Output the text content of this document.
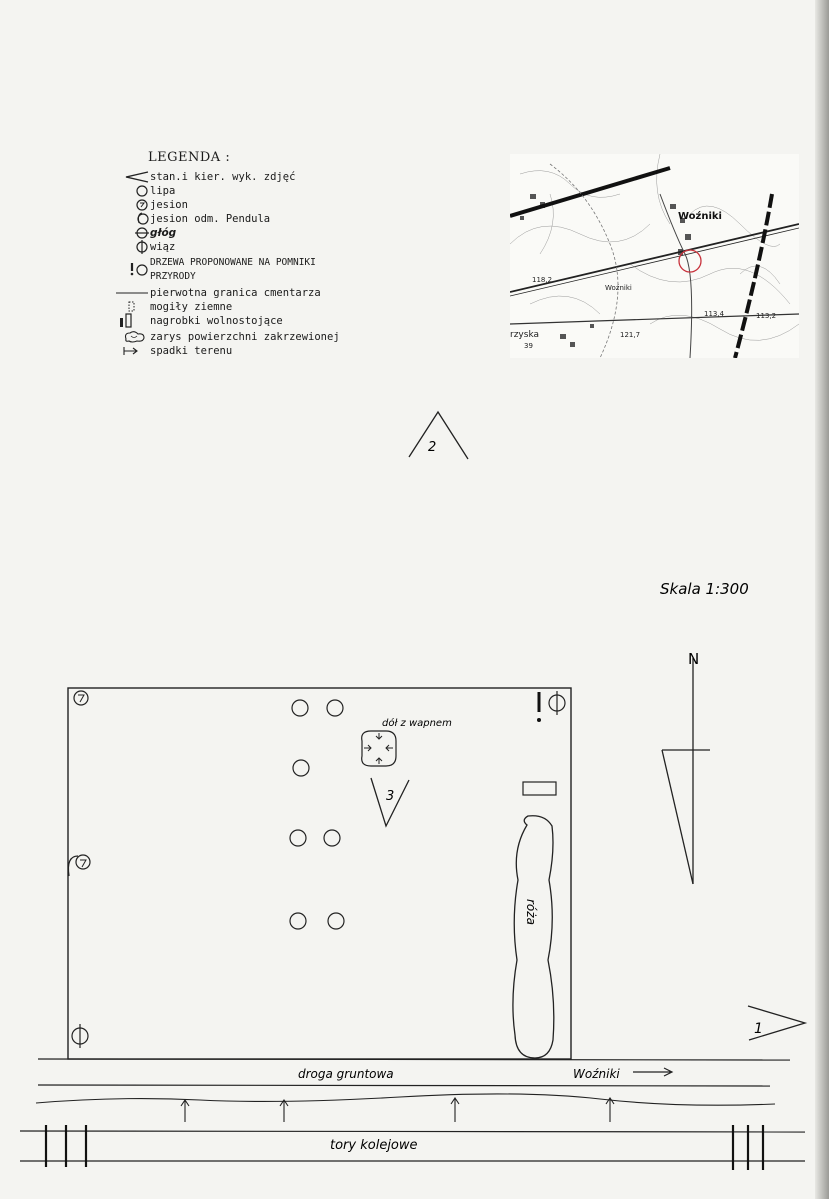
LEGENDA :
stan.i kier. wyk. zdjęć
lipa
jesion
jesion odm. Pendula
głóg
wiąz
DRZEWA PROPONOWANE NA POMNIKI PRZYRODY
pierwotna granica cmentarza
mogiły ziemne
nagrobki wolnostojące
zarys powierzchni zakrzewionej
spadki terenu
Woźniki
Woźniki
rzyska
118,2
121,7
113,2
113,4
39
2
N
dół z wapnem
3
róża
1
Skala 1:300
droga gruntowa	Woźniki
tory kolejowe
